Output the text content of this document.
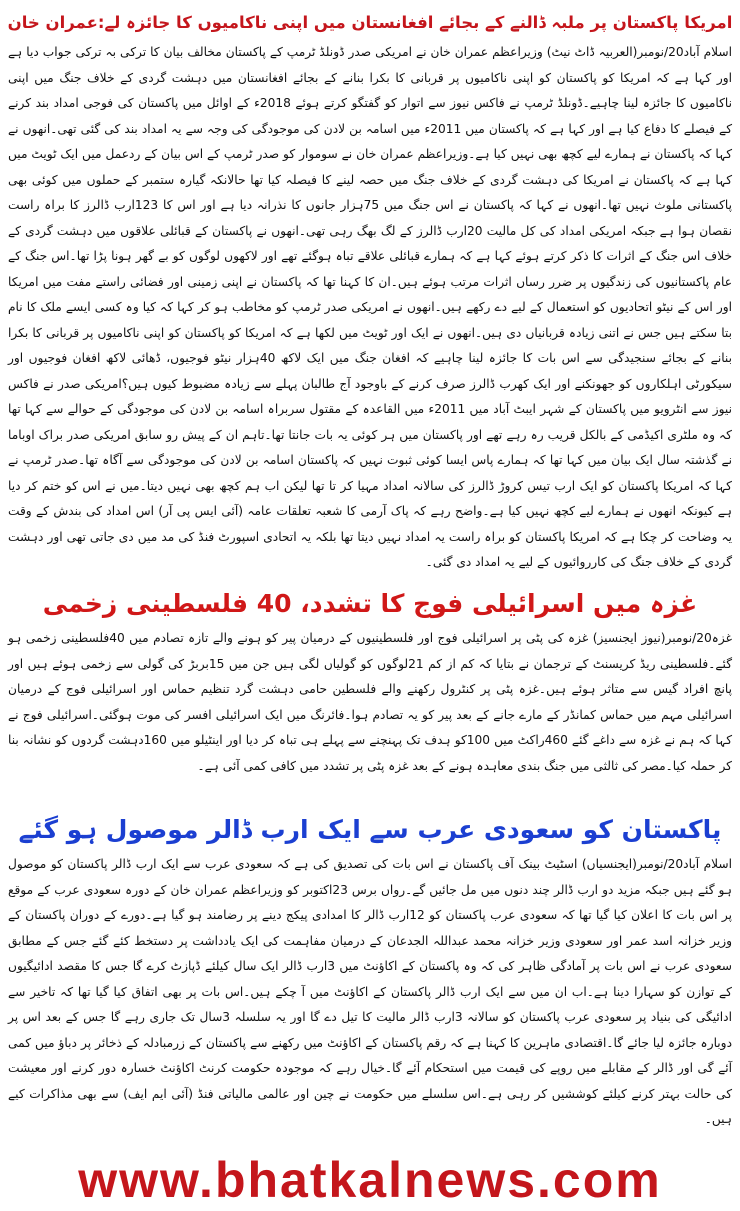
امریکا پاکستان پر ملبہ ڈالنے کے بجائے افغانستان میں اپنی ناکامیوں کا جائزہ لے:عمران خان

اسلام آباد20/نومبر(العربیہ ڈاٹ نیٹ) وزیراعظم عمران خان نے امریکی صدر ڈونلڈ ٹرمپ کے پاکستان مخالف بیان کا ترکی بہ ترکی جواب دیا ہے اور کہا ہے کہ امریکا کو پاکستان کو اپنی ناکامیوں پر قربانی کا بکرا بنانے کے بجائے افغانستان میں دہشت گردی کے خلاف جنگ میں اپنی ناکامیوں کا جائزہ لینا چاہیے۔ڈونلڈ ٹرمپ نے فاکس نیوز سے اتوار کو گفتگو کرتے ہوئے 2018ء کے اوائل میں پاکستان کی فوجی امداد بند کرنے کے فیصلے کا دفاع کیا ہے اور کہا ہے کہ پاکستان میں 2011ء میں اسامہ بن لادن کی موجودگی کی وجہ سے یہ امداد بند کی گئی تھی۔انھوں نے کہا کہ پاکستان نے ہمارے لیے کچھ بھی نہیں کیا ہے۔وزیراعظم عمران خان نے سوموار کو صدر ٹرمپ کے اس بیان کے ردعمل میں ایک ٹویٹ میں کہا ہے کہ پاکستان نے امریکا کی دہشت گردی کے خلاف جنگ میں حصہ لینے کا فیصلہ کیا تھا حالانکہ گیارہ ستمبر کے حملوں میں کوئی بھی پاکستانی ملوث نہیں تھا۔انھوں نے کہا کہ پاکستان نے اس جنگ میں 75ہزار جانوں کا نذرانہ دیا ہے اور اس کا 123ارب ڈالرز کا براہ راست نقصان ہوا ہے جبکہ امریکی امداد کی کل مالیت 20ارب ڈالرز کے لگ بھگ رہی تھی۔انھوں نے پاکستان کے قبائلی علاقوں میں دہشت گردی کے خلاف اس جنگ کے اثرات کا ذکر کرتے ہوئے کہا ہے کہ ہمارے قبائلی علاقے تباہ ہوگئے تھے اور لاکھوں لوگوں کو بے گھر ہونا پڑا تھا۔اس جنگ کے عام پاکستانیوں کی زندگیوں پر ضرر رساں اثرات مرتب ہوئے ہیں۔ان کا کہنا تھا کہ پاکستان نے اپنی زمینی اور فضائی راستے مفت میں امریکا اور اس کے نیٹو اتحادیوں کو استعمال کے لیے دے رکھے ہیں۔انھوں نے امریکی صدر ٹرمپ کو مخاطب ہو کر کہا کہ کیا وہ کسی ایسے ملک کا نام بتا سکتے ہیں جس نے اتنی زیادہ قربانیاں دی ہیں۔انھوں نے ایک اور ٹویٹ میں لکھا ہے کہ امریکا کو پاکستان کو اپنی ناکامیوں پر قربانی کا بکرا بنانے کے بجائے سنجیدگی سے اس بات کا جائزہ لینا چاہیے کہ افغان جنگ میں ایک لاکھ 40ہزار نیٹو فوجیوں، ڈھائی لاکھ افغان فوجیوں اور سیکورٹی اہلکاروں کو جھونکنے اور ایک کھرب ڈالرز صرف کرنے کے باوجود آج طالبان پہلے سے زیادہ مضبوط کیوں ہیں؟امریکی صدر نے فاکس نیوز سے انٹرویو میں پاکستان کے شہر ایبٹ آباد میں 2011ء میں القاعدہ کے مقتول سربراہ اسامہ بن لادن کی موجودگی کے حوالے سے کہا تھا کہ وہ ملٹری اکیڈمی کے بالکل قریب رہ رہے تھے اور پاکستان میں ہر کوئی یہ بات جانتا تھا۔تاہم ان کے پیش رو سابق امریکی صدر براک اوباما نے گذشتہ سال ایک بیان میں کہا تھا کہ ہمارے پاس ایسا کوئی ثبوت نہیں کہ پاکستان اسامہ بن لادن کی موجودگی سے آگاہ تھا۔صدر ٹرمپ نے کہا کہ امریکا پاکستان کو ایک ارب تیس کروڑ ڈالرز کی سالانہ امداد مہیا کر تا تھا لیکن اب ہم کچھ بھی نہیں دیتا۔میں نے اس کو ختم کر دیا ہے کیونکہ انھوں نے ہمارے لیے کچھ نہیں کیا ہے۔واضح رہے کہ پاک آرمی کا شعبہ تعلقات عامہ (آئی ایس پی آر) اس امداد کی بندش کے وقت یہ وضاحت کر چکا ہے کہ امریکا پاکستان کو براہ راست یہ امداد نہیں دیتا تھا بلکہ یہ اتحادی اسپورٹ فنڈ کی مد میں دی جاتی تھی اور دہشت گردی کے خلاف جنگ کی کارروائیوں کے لیے یہ امداد دی گئی۔

غزہ میں اسرائیلی فوج کا تشدد، 40 فلسطینی زخمی

غزہ20/نومبر(نیوز ایجنسیز) غزہ کی پٹی پر اسرائیلی فوج اور فلسطینیوں کے درمیان پیر کو ہونے والے تازہ تصادم میں 40فلسطینی زخمی ہو گئے۔فلسطینی ریڈ کریسنٹ کے ترجمان نے بتایا کہ کم از کم 21لوگوں کو گولیاں لگی ہیں جن میں 15بربڑ کی گولی سے زخمی ہوئے ہیں اور پانچ افراد گیس سے متاثر ہوئے ہیں۔غزہ پٹی پر کنٹرول رکھنے والے فلسطین حامی دہشت گرد تنظیم حماس اور اسرائیلی فوج کے درمیان اسرائیلی مہم میں حماس کمانڈر کے مارے جانے کے بعد پیر کو یہ تصادم ہوا۔فائرنگ میں ایک اسرائیلی افسر کی موت ہوگئی۔اسرائیلی فوج نے کہا کہ ہم نے غزہ سے داغے گئے 460راکٹ میں 100کو ہدف تک پہنچنے سے پہلے ہی تباہ کر دیا اور اینٹیلو میں 160دہشت گردوں کو نشانہ بنا کر حملہ کیا۔مصر کی ثالثی میں جنگ بندی معاہدہ ہونے کے بعد غزہ پٹی پر تشدد میں کافی کمی آئی ہے۔

پاکستان کو سعودی عرب سے ایک ارب ڈالر موصول ہو گئے

اسلام آباد20/نومبر(ایجنسیاں) اسٹیٹ بینک آف پاکستان نے اس بات کی تصدیق کی ہے کہ سعودی عرب سے ایک ارب ڈالر پاکستان کو موصول ہو گئے ہیں جبکہ مزید دو ارب ڈالر چند دنوں میں مل جائیں گے۔رواں برس 23اکتوبر کو وزیراعظم عمران خان کے دورہ سعودی عرب کے موقع پر اس بات کا اعلان کیا گیا تھا کہ سعودی عرب پاکستان کو 12ارب ڈالر کا امدادی پیکج دینے پر رضامند ہو گیا ہے۔دورے کے دوران پاکستان کے وزیر خزانہ اسد عمر اور سعودی وزیر خزانہ محمد عبداللہ الجدعان کے درمیان مفاہمت کی ایک یادداشت پر دستخط کئے گئے جس کے مطابق سعودی عرب نے اس بات پر آمادگی ظاہر کی کہ وہ پاکستان کے اکاؤنٹ میں 3ارب ڈالر ایک سال کیلئے ڈپازٹ کرے گا جس کا مقصد ادائیگیوں کے توازن کو سہارا دینا ہے۔اب ان میں سے ایک ارب ڈالر پاکستان کے اکاؤنٹ میں آ چکے ہیں۔اس بات پر بھی اتفاق کیا گیا تھا کہ تاخیر سے ادائیگی کی بنیاد پر سعودی عرب پاکستان کو سالانہ 3ارب ڈالر مالیت کا تیل دے گا اور یہ سلسلہ 3سال تک جاری رہے گا جس کے بعد اس پر دوبارہ جائزہ لیا جائے گا۔اقتصادی ماہرین کا کہنا ہے کہ رقم پاکستان کے اکاؤنٹ میں رکھنے سے پاکستان کے زرمبادلہ کے ذخائر پر دباؤ میں کمی آئے گی اور ڈالر کے مقابلے میں روپے کی قیمت میں استحکام آئے گا۔خیال رہے کہ موجودہ حکومت کرنٹ اکاؤنٹ خسارہ دور کرنے اور معیشت کی حالت بہتر کرنے کیلئے کوششیں کر رہی ہے۔اس سلسلے میں حکومت نے چین اور عالمی مالیاتی فنڈ (آئی ایم ایف) سے بھی مذاکرات کیے ہیں۔

www.bhatkalnews.com
